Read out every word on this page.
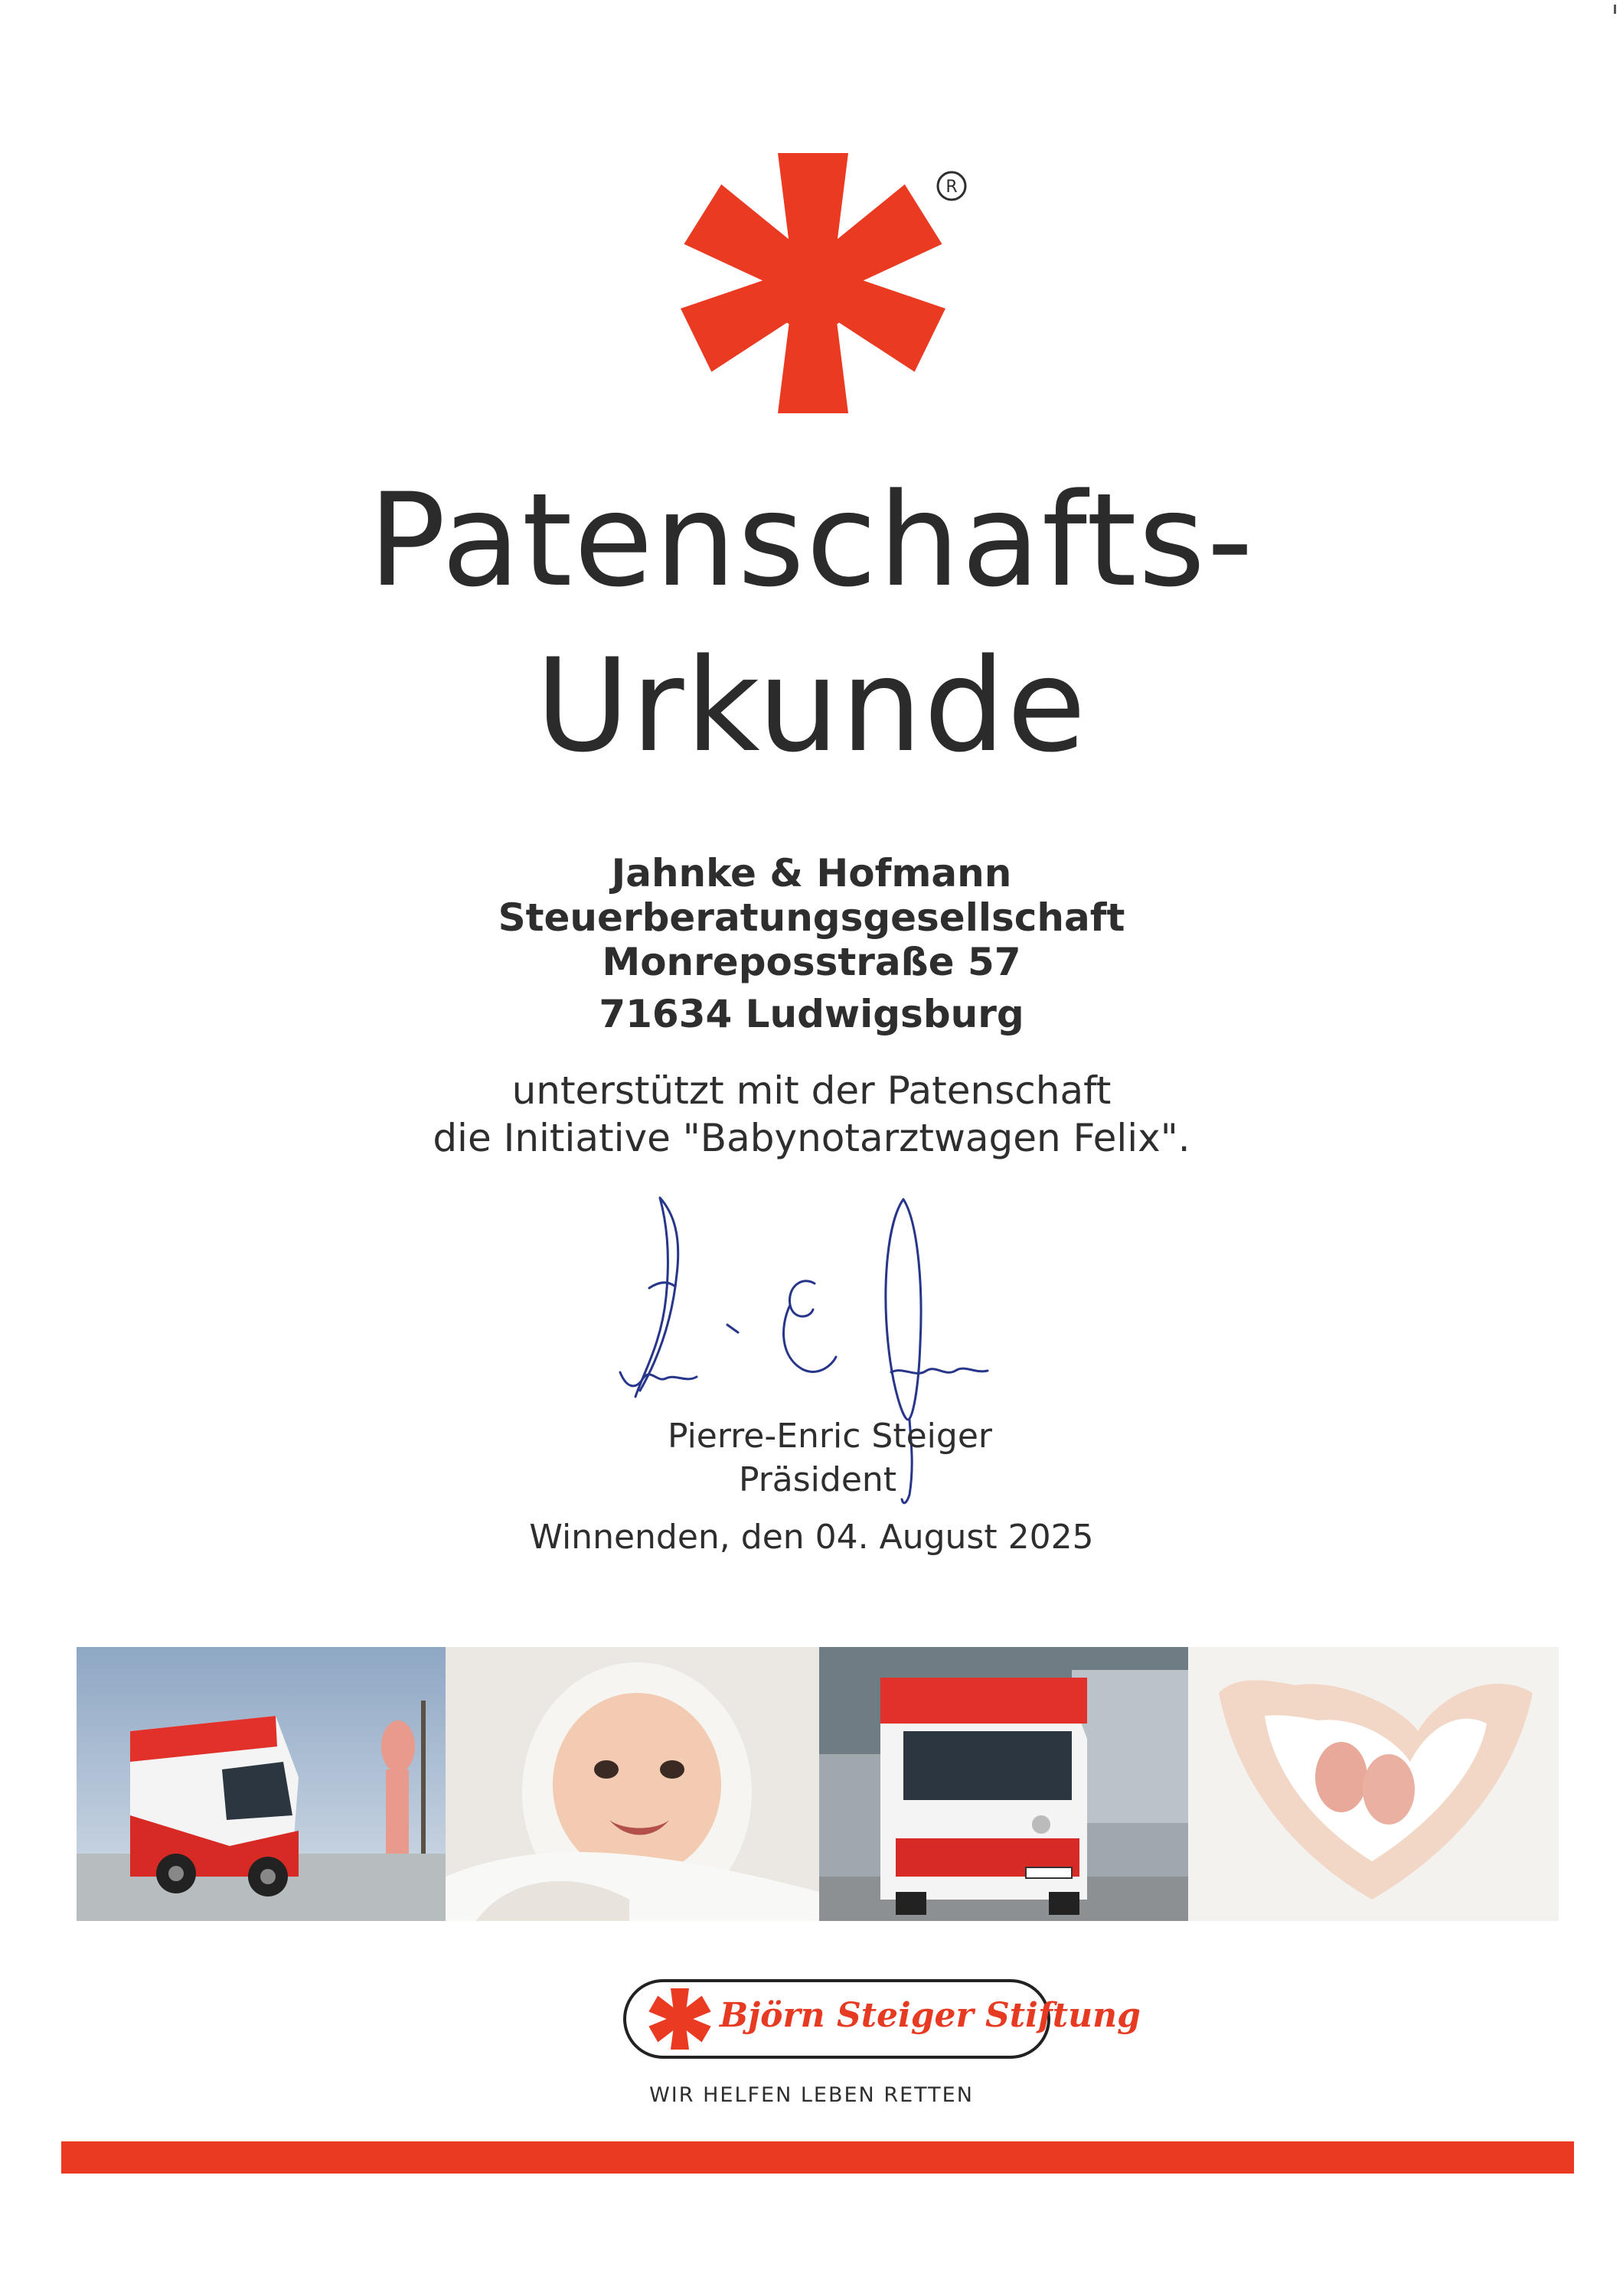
R
Patenschafts-
Urkunde
Jahnke & Hofmann
Steuerberatungsgesellschaft
Monreposstraße 57
71634 Ludwigsburg
unterstützt mit der Patenschaft
die Initiative "Babynotarztwagen Felix".
Pierre-Enric Steiger
Präsident
Winnenden, den 04. August 2025
Björn Steiger Stiftung
WIR HELFEN LEBEN RETTEN
